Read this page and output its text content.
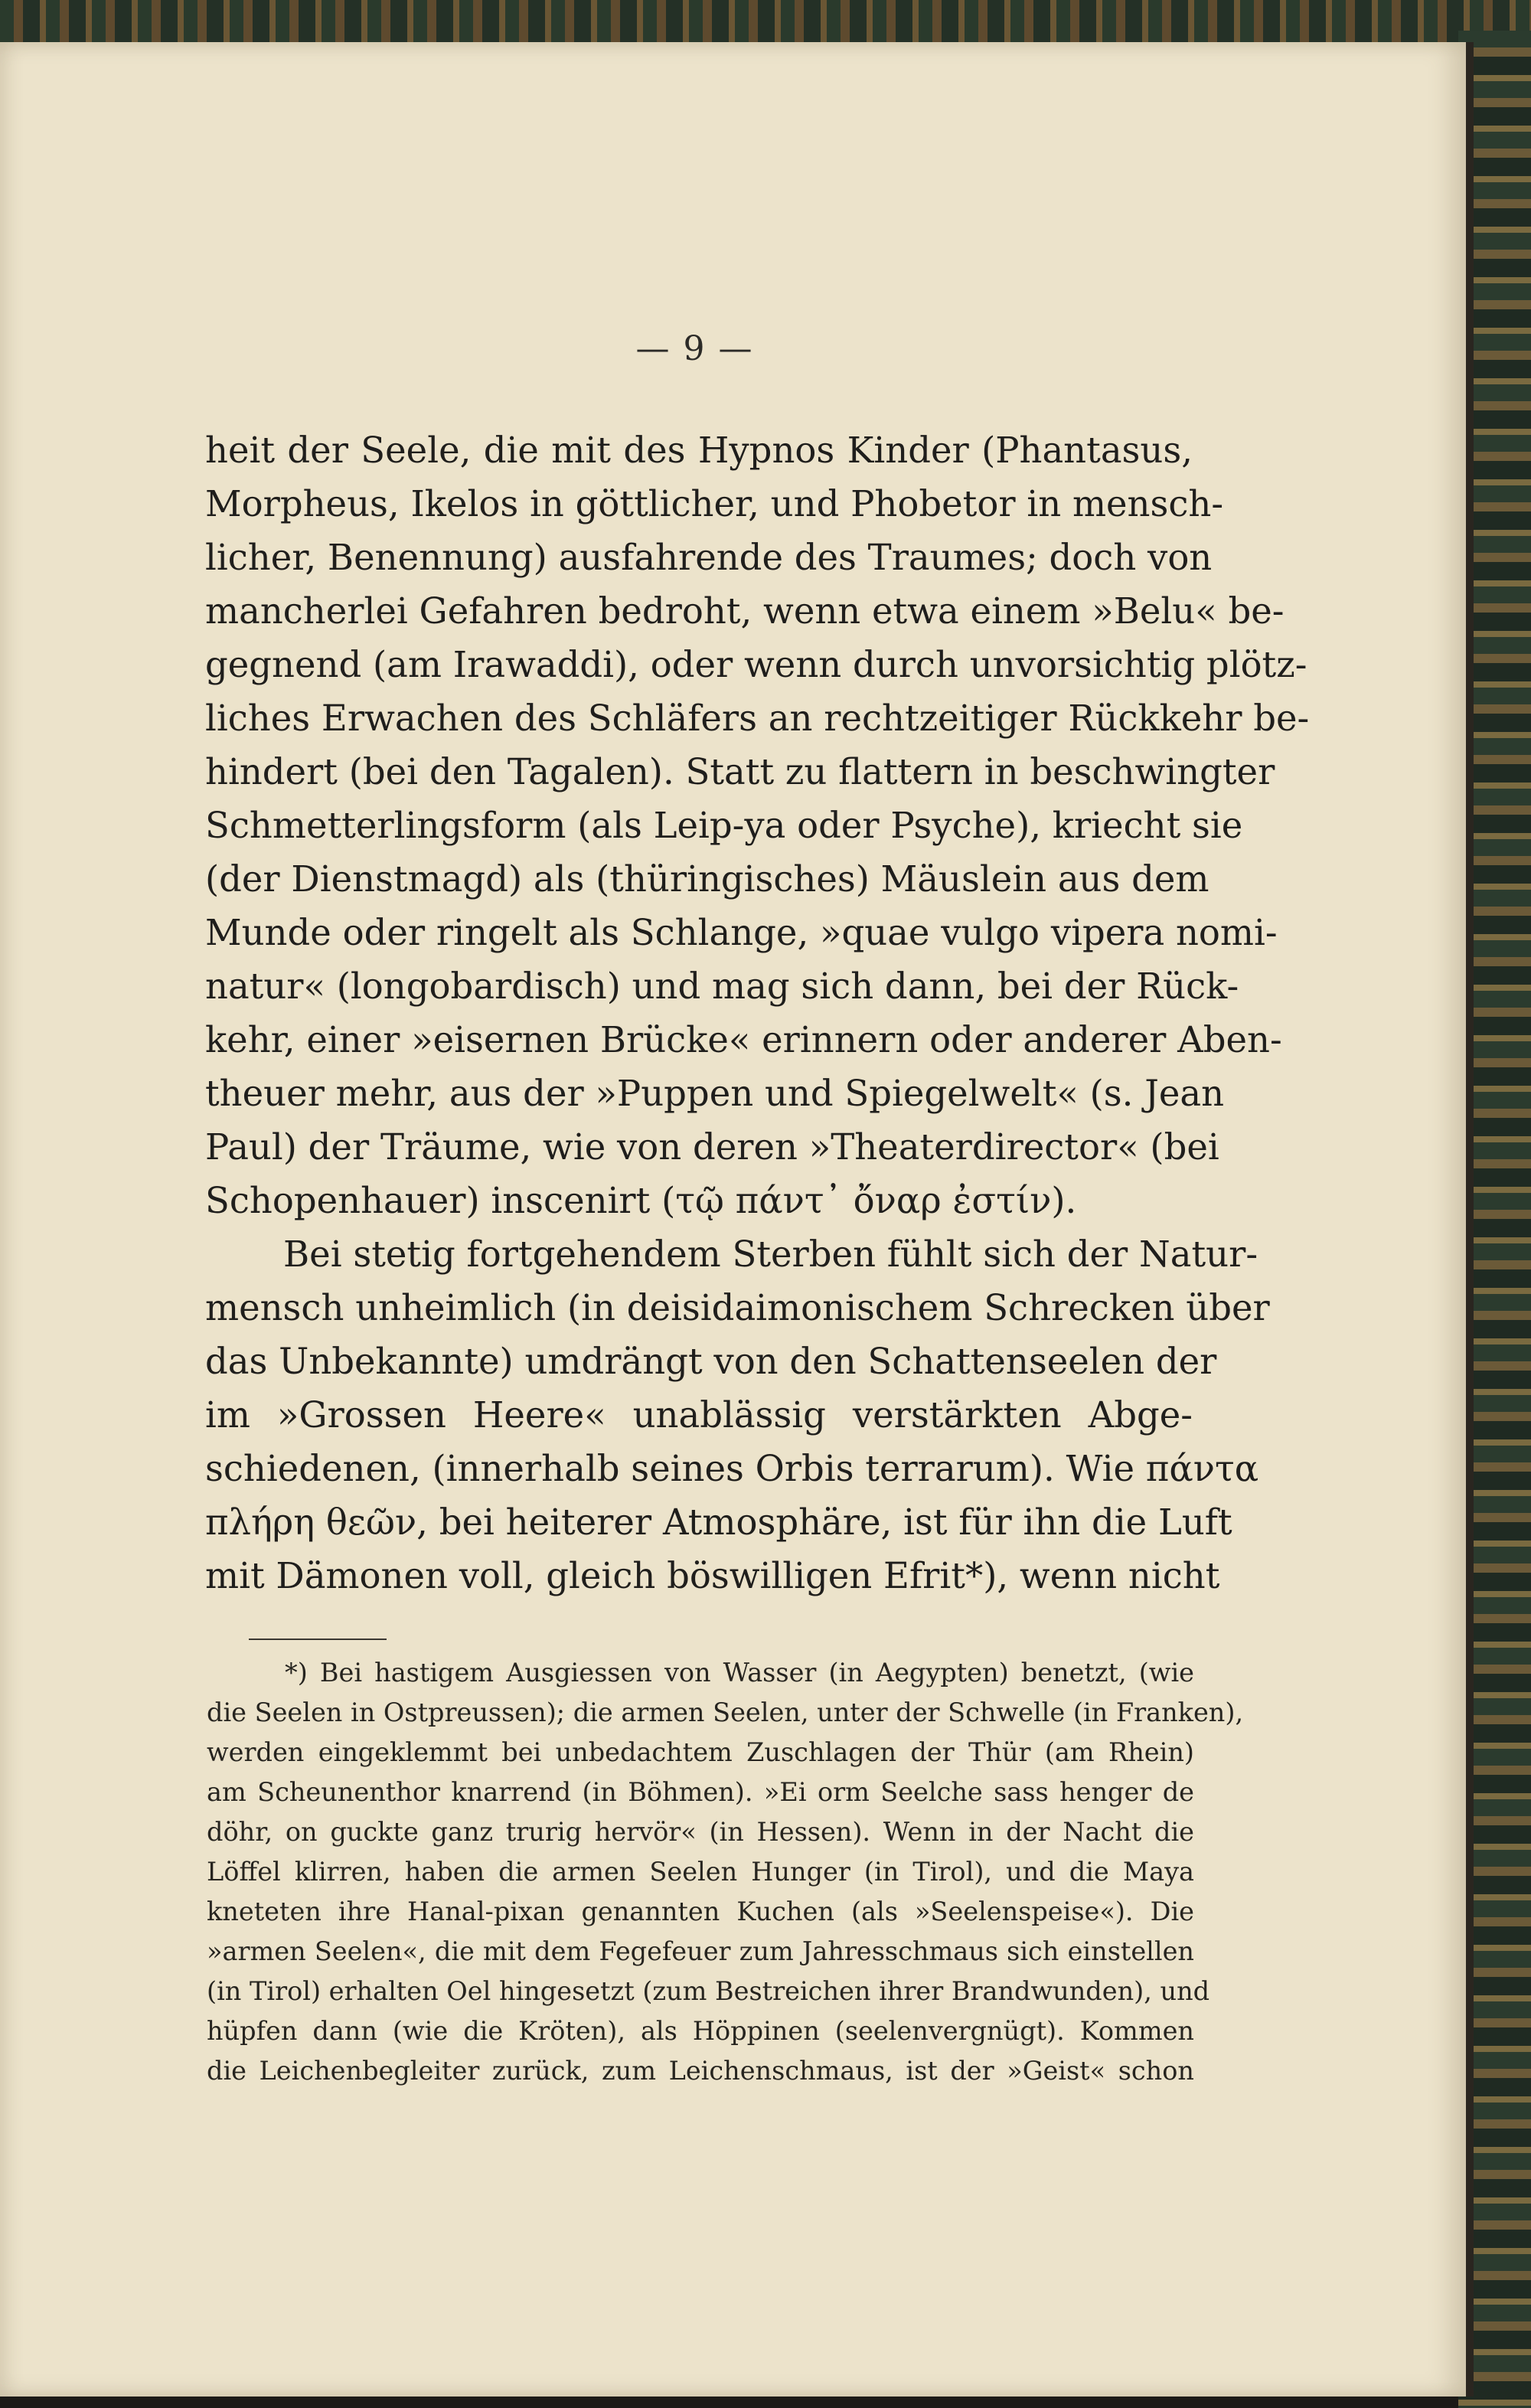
— 9 —
heit der Seele, die mit des Hypnos Kinder (Phantasus,
Morpheus, Ikelos in göttlicher, und Phobetor in mensch-
licher, Benennung) ausfahrende des Traumes; doch von
mancherlei Gefahren bedroht, wenn etwa einem »Belu« be-
gegnend (am Irawaddi), oder wenn durch unvorsichtig plötz-
liches Erwachen des Schläfers an rechtzeitiger Rückkehr be-
hindert (bei den Tagalen). Statt zu flattern in beschwingter
Schmetterlingsform (als Leip-ya oder Psyche), kriecht sie
(der Dienstmagd) als (thüringisches) Mäuslein aus dem
Munde oder ringelt als Schlange, »quae vulgo vipera nomi-
natur« (longobardisch) und mag sich dann, bei der Rück-
kehr, einer »eisernen Brücke« erinnern oder anderer Aben-
theuer mehr, aus der »Puppen und Spiegelwelt« (s. Jean
Paul) der Träume, wie von deren »Theaterdirector« (bei
Schopenhauer) inscenirt (τῷ πάντ᾽ ὄναρ ἐστίν).
Bei stetig fortgehendem Sterben fühlt sich der Natur-
mensch unheimlich (in deisidaimonischem Schrecken über
das Unbekannte) umdrängt von den Schattenseelen der
im »Grossen Heere« unablässig verstärkten Abge-
schiedenen, (innerhalb seines Orbis terrarum). Wie πάντα
πλήρη θεῶν, bei heiterer Atmosphäre, ist für ihn die Luft
mit Dämonen voll, gleich böswilligen Efrit*), wenn nicht
*) Bei hastigem Ausgiessen von Wasser (in Aegypten) benetzt, (wie
die Seelen in Ostpreussen); die armen Seelen, unter der Schwelle (in Franken),
werden eingeklemmt bei unbedachtem Zuschlagen der Thür (am Rhein)
am Scheunenthor knarrend (in Böhmen). »Ei orm Seelche sass henger de
döhr, on guckte ganz trurig hervör« (in Hessen). Wenn in der Nacht die
Löffel klirren, haben die armen Seelen Hunger (in Tirol), und die Maya
kneteten ihre Hanal-pixan genannten Kuchen (als »Seelenspeise«). Die
»armen Seelen«, die mit dem Fegefeuer zum Jahresschmaus sich einstellen
(in Tirol) erhalten Oel hingesetzt (zum Bestreichen ihrer Brandwunden), und
hüpfen dann (wie die Kröten), als Höppinen (seelenvergnügt). Kommen
die Leichenbegleiter zurück, zum Leichenschmaus, ist der »Geist« schon
